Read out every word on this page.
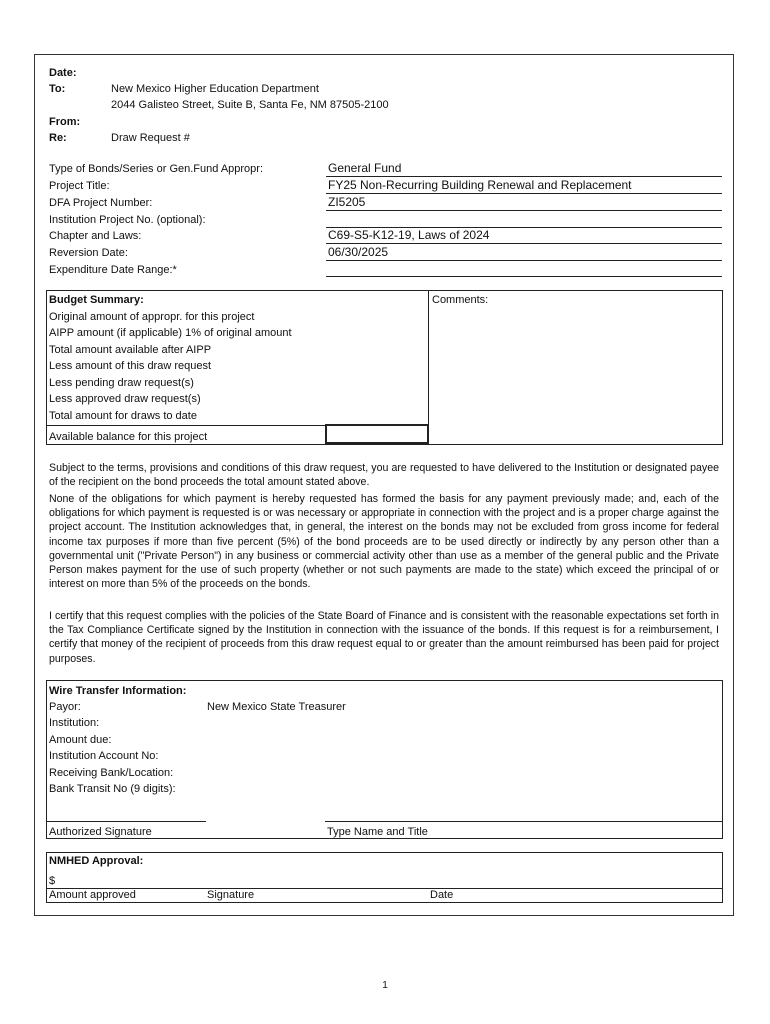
Date:
To:	New Mexico Higher Education Department
2044 Galisteo Street, Suite B, Santa Fe, NM 87505-2100
From:
Re:	Draw Request #
Type of Bonds/Series or Gen.Fund Appropr:	General Fund
Project Title:	FY25 Non-Recurring Building Renewal and Replacement
DFA Project Number:	ZI5205
Institution Project No. (optional):
Chapter and Laws:	C69-S5-K12-19, Laws of 2024
Reversion Date:	06/30/2025
Expenditure Date Range:*
Budget Summary:	Comments:
Original amount of appropr. for this project
AIPP amount (if applicable) 1% of original amount
Total amount available after AIPP
Less amount of this draw request
Less pending draw request(s)
Less approved draw request(s)
Total amount for draws to date
Available balance for this project
Subject to the terms, provisions and conditions of this draw request, you are requested to have delivered to the Institution or designated payee of the recipient on the bond proceeds the total amount stated above.
None of the obligations for which payment is hereby requested has formed the basis for any payment previously made; and, each of the obligations for which payment is requested is or was necessary or appropriate in connection with the project and is a proper charge against the project account. The Institution acknowledges that, in general, the interest on the bonds may not be excluded from gross income for federal income tax purposes if more than five percent (5%) of the bond proceeds are to be used directly or indirectly by any person other than a governmental unit ("Private Person") in any business or commercial activity other than use as a member of the general public and the Private Person makes payment for the use of such property (whether or not such payments are made to the state) which exceed the principal of or interest on more than 5% of the proceeds on the bonds.
I certify that this request complies with the policies of the State Board of Finance and is consistent with the reasonable expectations set forth in the Tax Compliance Certificate signed by the Institution in connection with the issuance of the bonds. If this request is for a reimbursement, I certify that money of the recipient of proceeds from this draw request equal to or greater than the amount reimbursed has been paid for project purposes.
Wire Transfer Information:
Payor:	New Mexico State Treasurer
Institution:
Amount due:
Institution Account No:
Receiving Bank/Location:
Bank Transit No (9 digits):
Authorized Signature	Type Name and Title
NMHED Approval:
$
Amount approved	Signature	Date
1
